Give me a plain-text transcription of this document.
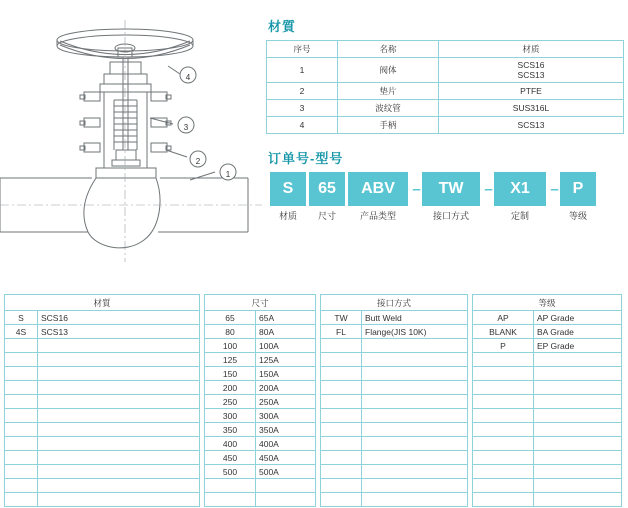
4
3
2
1
材質
序号	名称	材质
1	阀体	SCS16
SCS13

2	垫片	PTFE
3	波纹管	SUS316L
4	手柄	SCS13
订单号-型号
S	65	ABV	–	TW	–	X1	– P
材质	尺寸	产品类型	接口方式	定制	等级
材質	
S	SCS16
4S	SCS13

尺寸	
65	65A
80	80A
100	100A
125	125A
150	150A
200	200A
250	250A
300	300A
350	350A
400	400A
450	450A
500	500A

接口方式	
TW	Butt Weld
FL	Flange(JIS 10K)

等级	
AP	AP Grade
BLANK	BA Grade
P	EP Grade
